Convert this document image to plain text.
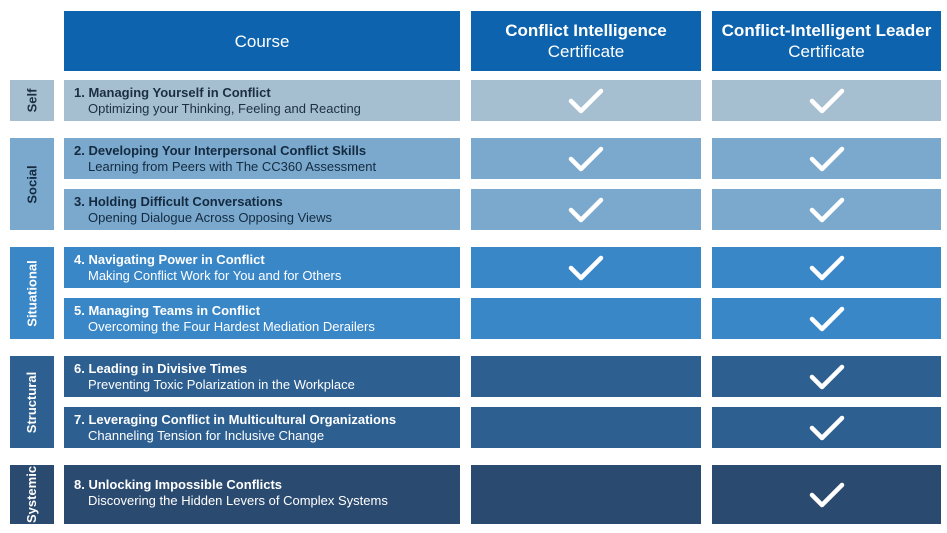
Course
Conflict Intelligence
Certificate
Conflict-Intelligent Leader
Certificate
Self
Social
Situational
Structural
Systemic
1. Managing Yourself in Conflict
Optimizing your Thinking, Feeling and Reacting
2. Developing Your Interpersonal Conflict Skills
Learning from Peers with The CC360 Assessment
3. Holding Difficult Conversations
Opening Dialogue Across Opposing Views
4. Navigating Power in Conflict
Making Conflict Work for You and for Others
5. Managing Teams in Conflict
Overcoming the Four Hardest Mediation Derailers
6. Leading in Divisive Times
Preventing Toxic Polarization in the Workplace
7. Leveraging Conflict in Multicultural Organizations
Channeling Tension for Inclusive Change
8. Unlocking Impossible Conflicts
Discovering the Hidden Levers of Complex Systems
